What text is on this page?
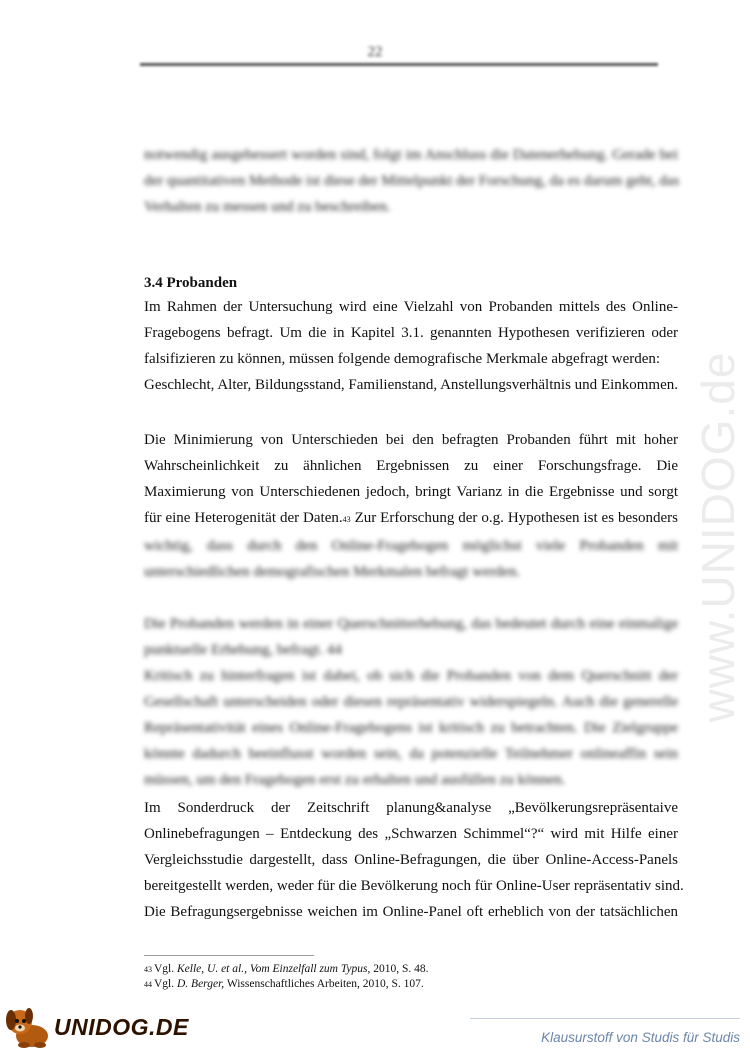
22
www.UNIDOG.de
notwendig ausgebessert worden sind, folgt im Anschluss die Datenerhebung. Gerade bei
der quantitativen Methode ist diese der Mittelpunkt der Forschung, da es darum geht, das
Verhalten zu messen und zu beschreiben.
3.4 Probanden
Im Rahmen der Untersuchung wird eine Vielzahl von Probanden mittels des Online-
Fragebogens befragt. Um die in Kapitel 3.1. genannten Hypothesen verifizieren oder
falsifizieren zu können, müssen folgende demografische Merkmale abgefragt werden:
Geschlecht, Alter, Bildungsstand, Familienstand, Anstellungsverhältnis und Einkommen.
Die Minimierung von Unterschieden bei den befragten Probanden führt mit hoher
Wahrscheinlichkeit zu ähnlichen Ergebnissen zu einer Forschungsfrage. Die
Maximierung von Unterschiedenen jedoch, bringt Varianz in die Ergebnisse und sorgt
für eine Heterogenität der Daten.43 Zur Erforschung der o.g. Hypothesen ist es besonders
wichtig, dass durch den Online-Fragebogen möglichst viele Probanden mit
unterschiedlichen demografischen Merkmalen befragt werden.
Die Probanden werden in einer Querschnitterhebung, das bedeutet durch eine einmalige
punktuelle Erhebung, befragt. 44
Kritisch zu hinterfragen ist dabei, ob sich die Probanden von dem Querschnitt der
Gesellschaft unterscheiden oder diesen repräsentativ widerspiegeln. Auch die generelle
Repräsentativität eines Online-Fragebogens ist kritisch zu betrachten. Die Zielgruppe
könnte dadurch beeinflusst worden sein, da potenzielle Teilnehmer onlineaffin sein
müssen, um den Fragebogen erst zu erhalten und ausfüllen zu können.
Im Sonderdruck der Zeitschrift planung&analyse „Bevölkerungsrepräsentaive
Onlinebefragungen – Entdeckung des „Schwarzen Schimmel“?“ wird mit Hilfe einer
Vergleichsstudie dargestellt, dass Online-Befragungen, die über Online-Access-Panels
bereitgestellt werden, weder für die Bevölkerung noch für Online-User repräsentativ sind.
Die Befragungsergebnisse weichen im Online-Panel oft erheblich von der tatsächlichen
43 Vgl. Kelle, U. et al., Vom Einzelfall zum Typus, 2010, S. 48.
44 Vgl. D. Berger, Wissenschaftliches Arbeiten, 2010, S. 107.
UNIDOG.DE	Klausurstoff von Studis für Studis
